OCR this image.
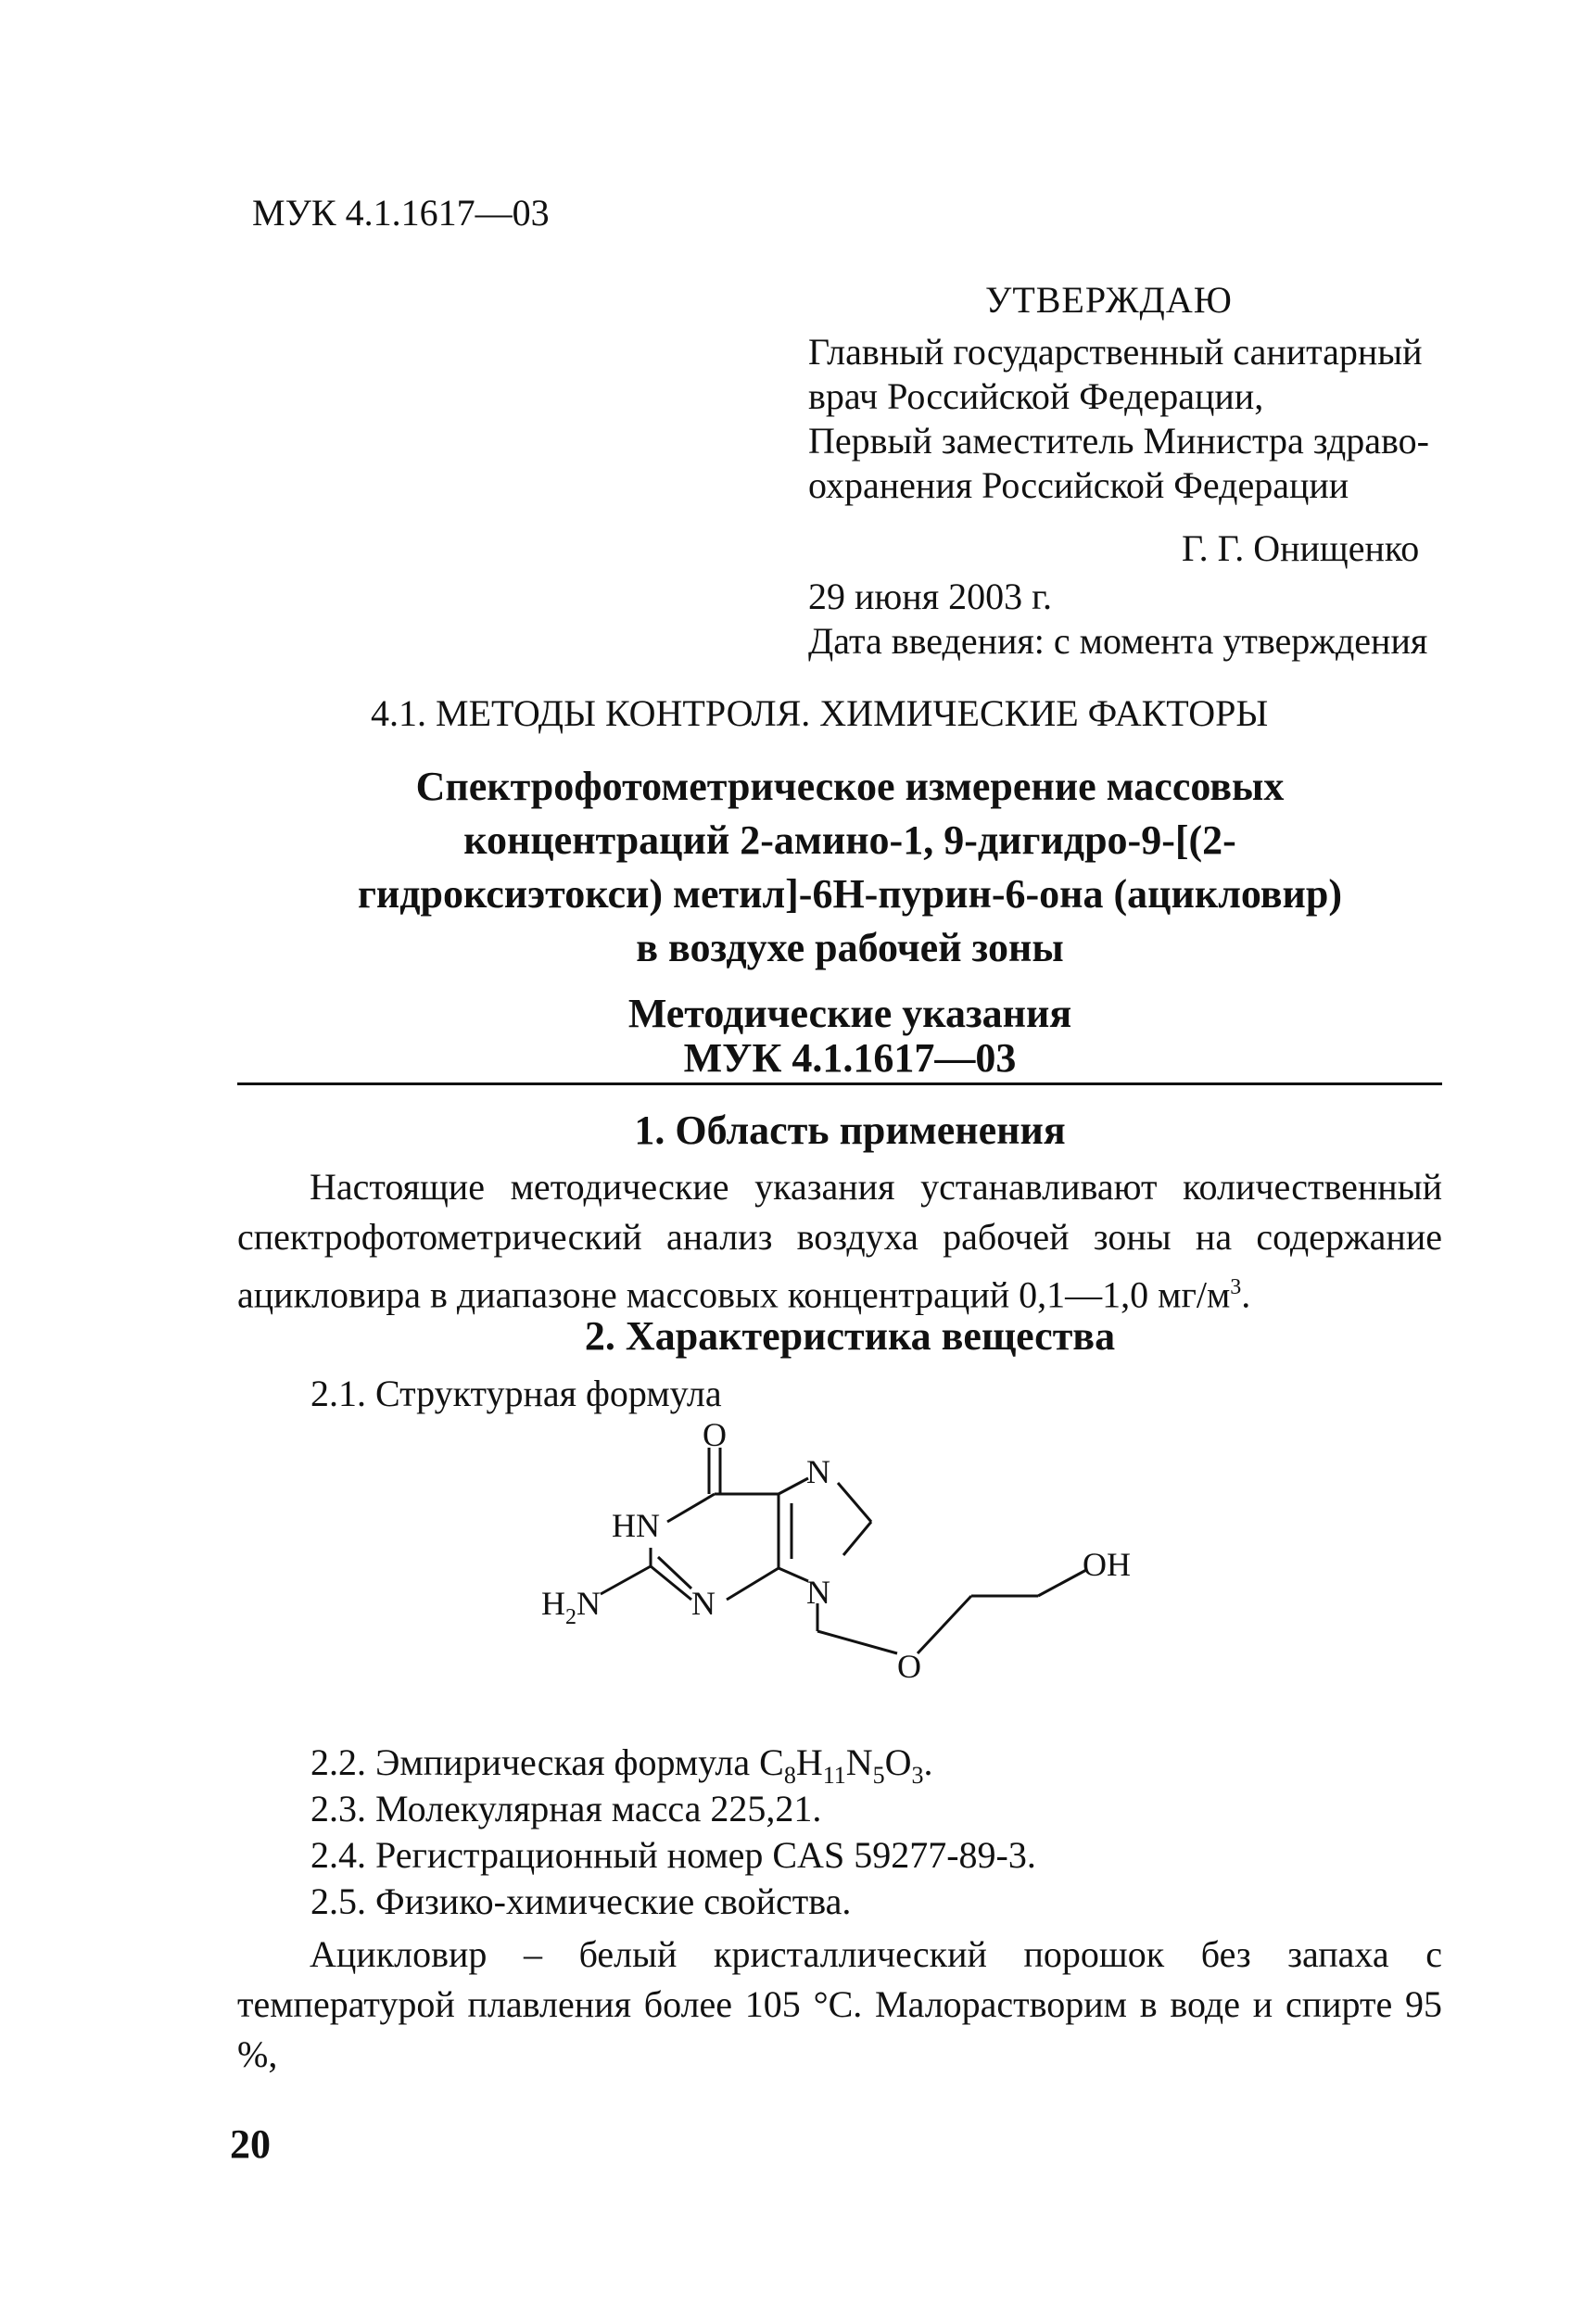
МУК 4.1.1617—03
УТВЕРЖДАЮ
Главный государственный санитарный
врач Российской Федерации,
Первый заместитель Министра здраво-
охранения Российской Федерации
Г. Г. Онищенко
29 июня 2003 г.
Дата введения: с момента утверждения
4.1. МЕТОДЫ КОНТРОЛЯ. ХИМИЧЕСКИЕ ФАКТОРЫ
Спектрофотометрическое измерение массовых
концентраций 2-амино-1, 9-дигидро-9-[(2-
гидроксиэтокси) метил]-6Н-пурин-6-она (ацикловир)
в воздухе рабочей зоны
Методические указания
МУК 4.1.1617—03
1. Область применения
Настоящие методические указания устанавливают количественный спектрофотометрический анализ воздуха рабочей зоны на содержание ацикловира в диапазоне массовых концентраций 0,1—1,0 $мг/м^3$.
2. Характеристика вещества
2.1. Структурная формула
O
HN
N
N
N
$H_2N$
O
OH
2.2. Эмпирическая формула $C_8H_{11}N_5O_3$.
2.3. Молекулярная масса 225,21.
2.4. Регистрационный номер CAS 59277-89-3.
2.5. Физико-химические свойства.
Ацикловир – белый кристаллический порошок без запаха с температурой плавления более 105 °С. Малорастворим в воде и спирте 95 %,
20
